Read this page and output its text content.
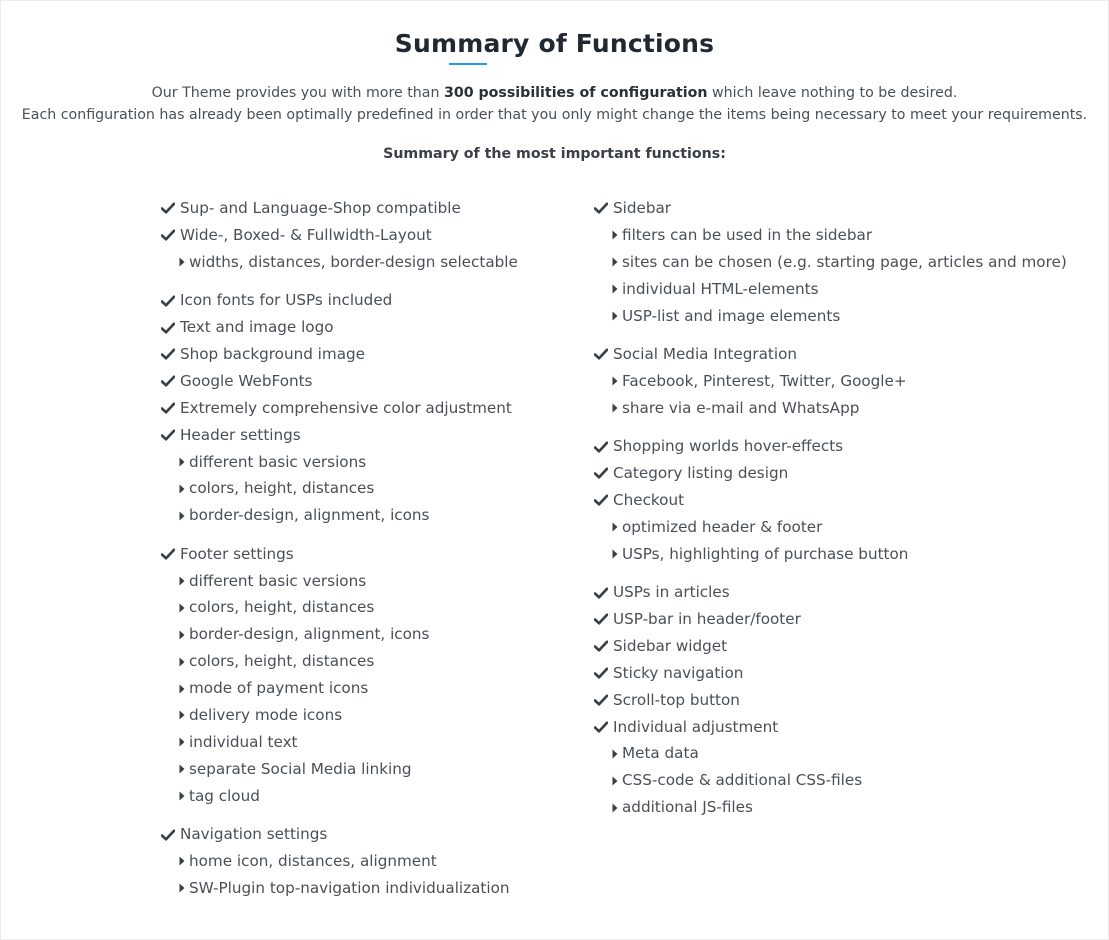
Summary of Functions
Our Theme provides you with more than 300 possibilities of configuration which leave nothing to be desired.
Each configuration has already been optimally predefined in order that you only might change the items being necessary to meet your requirements.
Summary of the most important functions:
Sup- and Language-Shop compatible
Wide-, Boxed- & Fullwidth-Layout
widths, distances, border-design selectable
Icon fonts for USPs included
Text and image logo
Shop background image
Google WebFonts
Extremely comprehensive color adjustment
Header settings
different basic versions
colors, height, distances
border-design, alignment, icons
Footer settings
different basic versions
colors, height, distances
border-design, alignment, icons
colors, height, distances
mode of payment icons
delivery mode icons
individual text
separate Social Media linking
tag cloud
Navigation settings
home icon, distances, alignment
SW-Plugin top-navigation individualization
Sidebar
filters can be used in the sidebar
sites can be chosen (e.g. starting page, articles and more)
individual HTML-elements
USP-list and image elements
Social Media Integration
Facebook, Pinterest, Twitter, Google+
share via e-mail and WhatsApp
Shopping worlds hover-effects
Category listing design
Checkout
optimized header & footer
USPs, highlighting of purchase button
USPs in articles
USP-bar in header/footer
Sidebar widget
Sticky navigation
Scroll-top button
Individual adjustment
Meta data
CSS-code & additional CSS-files
additional JS-files
